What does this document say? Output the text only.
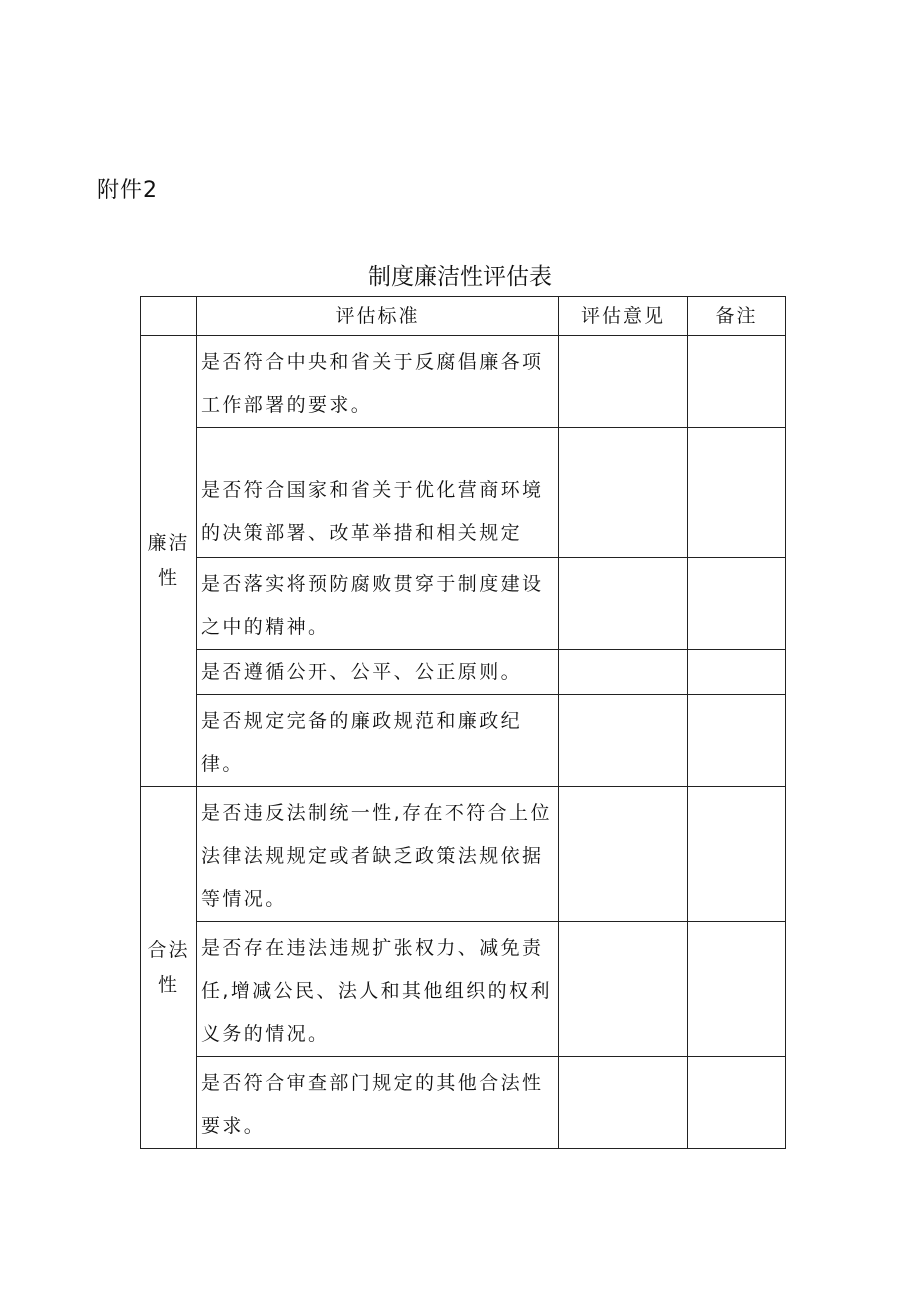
附件2
制度廉洁性评估表
	评估标准	评估意见	备注
廉洁性	是否符合中央和省关于反腐倡廉各项工作部署的要求。		
	是否符合国家和省关于优化营商环境的决策部署、改革举措和相关规定		
	是否落实将预防腐败贯穿于制度建设之中的精神。		
	是否遵循公开、公平、公正原则。		
	是否规定完备的廉政规范和廉政纪律。		
合法性	是否违反法制统一性,存在不符合上位法律法规规定或者缺乏政策法规依据等情况。		
	是否存在违法违规扩张权力、减免责任,增减公民、法人和其他组织的权利义务的情况。		
	是否符合审查部门规定的其他合法性要求。		
